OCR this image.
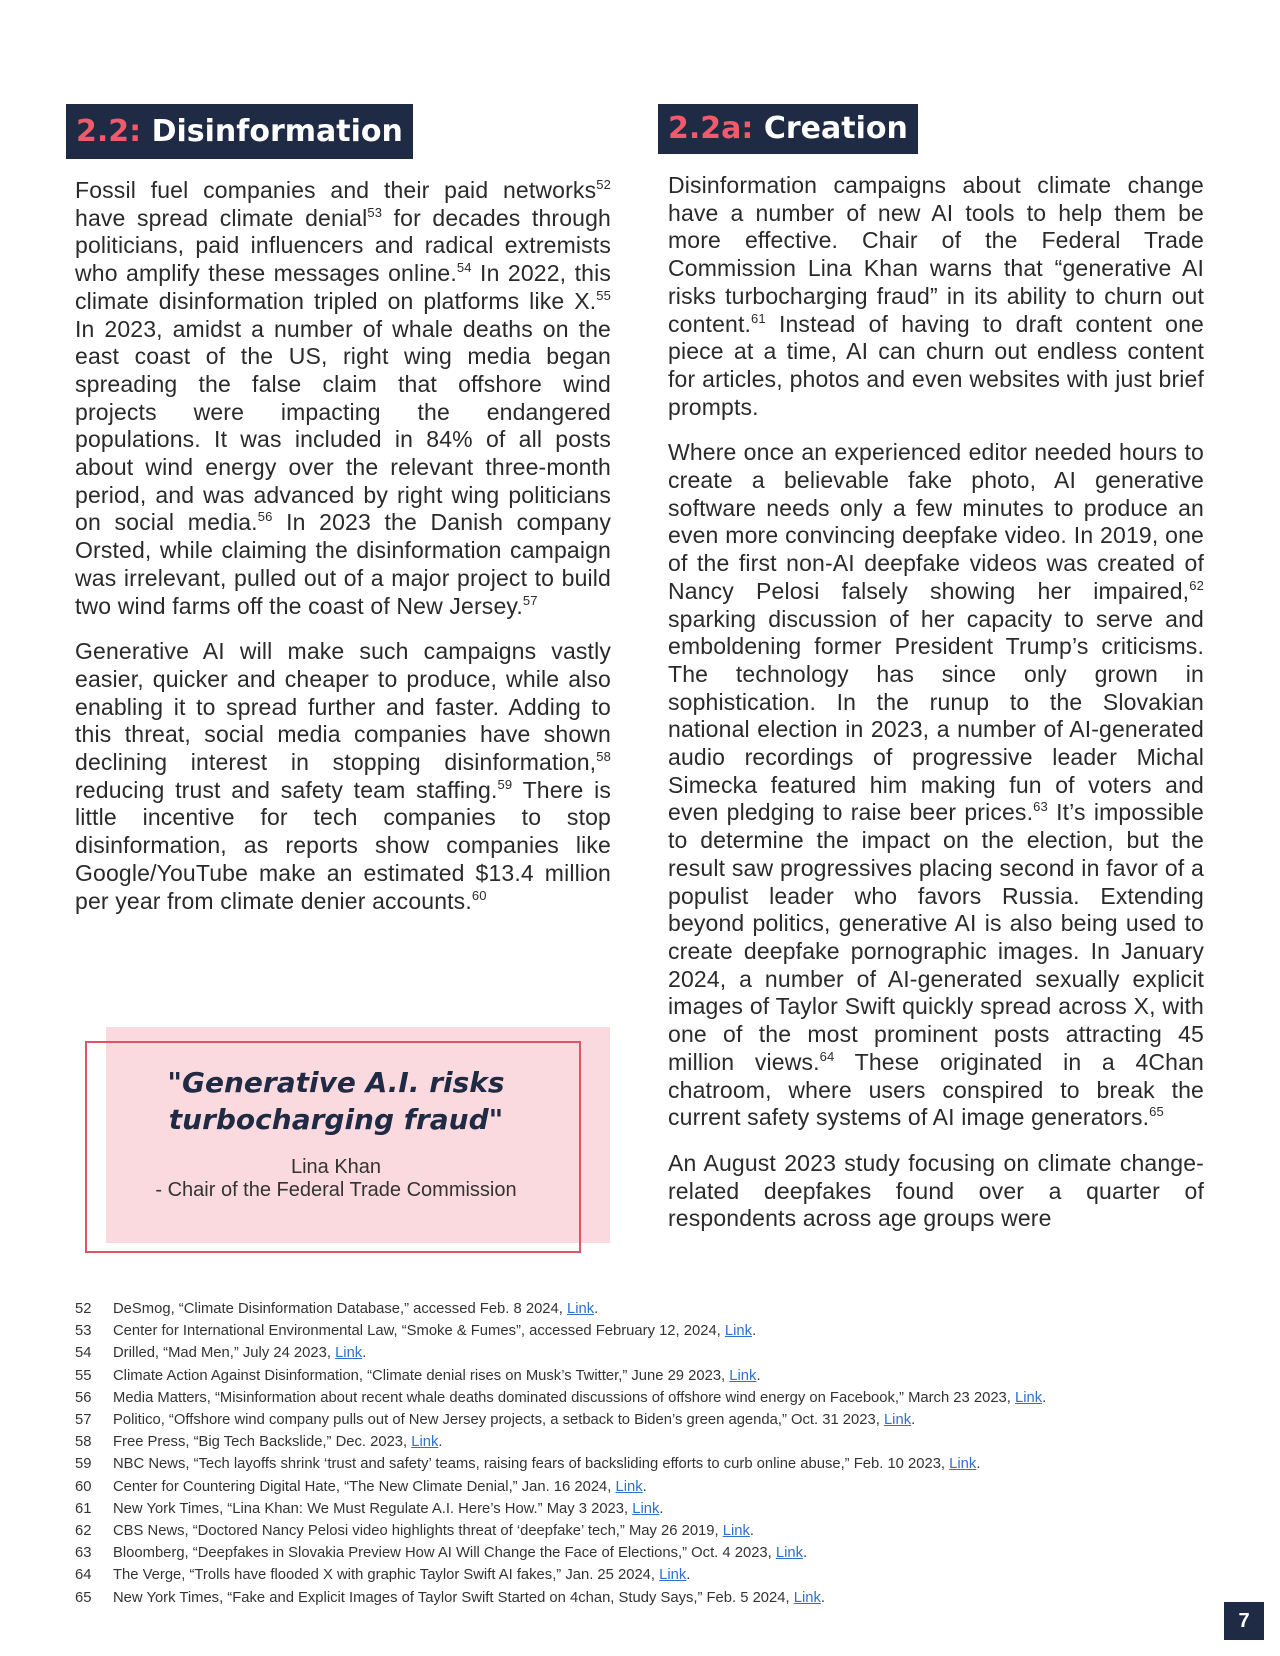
2.2: Disinformation	2.2a: Creation

Fossil fuel companies and their paid networks$^{52}$ have spread climate denial$^{53}$ for decades through politicians, paid influencers and radical extremists who amplify these messages online.$^{54}$ In 2022, this climate disinformation tripled on platforms like X.$^{55}$ In 2023, amidst a number of whale deaths on the east coast of the US, right wing media began spreading the false claim that offshore wind projects were impacting the endangered populations. It was included in 84% of all posts about wind energy over the relevant three-month period, and was advanced by right wing politicians on social media.$^{56}$ In 2023 the Danish company Orsted, while claiming the disinformation campaign was irrelevant, pulled out of a major project to build two wind farms off the coast of New Jersey.$^{57}$

Generative AI will make such campaigns vastly easier, quicker and cheaper to produce, while also enabling it to spread further and faster. Adding to this threat, social media companies have shown declining interest in stopping disinformation,$^{58}$ reducing trust and safety team staffing.$^{59}$ There is little incentive for tech companies to stop disinformation, as reports show companies like Google/YouTube make an estimated $13.4 million per year from climate denier accounts.$^{60}$

Disinformation campaigns about climate change have a number of new AI tools to help them be more effective. Chair of the Federal Trade Commission Lina Khan warns that “generative AI risks turbocharging fraud” in its ability to churn out content.$^{61}$ Instead of having to draft content one piece at a time, AI can churn out endless content for articles, photos and even websites with just brief prompts.

Where once an experienced editor needed hours to create a believable fake photo, AI generative software needs only a few minutes to produce an even more convincing deepfake video. In 2019, one of the first non-AI deepfake videos was created of Nancy Pelosi falsely showing her impaired,$^{62}$ sparking discussion of her capacity to serve and emboldening former President Trump’s criticisms. The technology has since only grown in sophistication. In the runup to the Slovakian national election in 2023, a number of AI-generated audio recordings of progressive leader Michal Simecka featured him making fun of voters and even pledging to raise beer prices.$^{63}$ It’s impossible to determine the impact on the election, but the result saw progressives placing second in favor of a populist leader who favors Russia. Extending beyond politics, generative AI is also being used to create deepfake pornographic images. In January 2024, a number of AI-generated sexually explicit images of Taylor Swift quickly spread across X, with one of the most prominent posts attracting 45 million views.$^{64}$ These originated in a 4Chan chatroom, where users conspired to break the current safety systems of AI image generators.$^{65}$

An August 2023 study focusing on climate change-related deepfakes found over a quarter of respondents across age groups were

"Generative A.I. risks turbocharging fraud"
Lina Khan
- Chair of the Federal Trade Commission
52 DeSmog, “Climate Disinformation Database,” accessed Feb. 8 2024, Link.
53 Center for International Environmental Law, “Smoke & Fumes”, accessed February 12, 2024, Link.
54 Drilled, “Mad Men,” July 24 2023, Link.
55 Climate Action Against Disinformation, “Climate denial rises on Musk’s Twitter,” June 29 2023, Link.
56 Media Matters, “Misinformation about recent whale deaths dominated discussions of offshore wind energy on Facebook,” March 23 2023, Link.
57 Politico, “Offshore wind company pulls out of New Jersey projects, a setback to Biden’s green agenda,” Oct. 31 2023, Link.
58 Free Press, “Big Tech Backslide,” Dec. 2023, Link.
59 NBC News, “Tech layoffs shrink ‘trust and safety’ teams, raising fears of backsliding efforts to curb online abuse,” Feb. 10 2023, Link.
60 Center for Countering Digital Hate, “The New Climate Denial,” Jan. 16 2024, Link.
61 New York Times, “Lina Khan: We Must Regulate A.I. Here’s How.” May 3 2023, Link.
62 CBS News, “Doctored Nancy Pelosi video highlights threat of ‘deepfake’ tech,” May 26 2019, Link.
63 Bloomberg, “Deepfakes in Slovakia Preview How AI Will Change the Face of Elections,” Oct. 4 2023, Link.
64 The Verge, “Trolls have flooded X with graphic Taylor Swift AI fakes,” Jan. 25 2024, Link.
65 New York Times, “Fake and Explicit Images of Taylor Swift Started on 4chan, Study Says,” Feb. 5 2024, Link.
7
